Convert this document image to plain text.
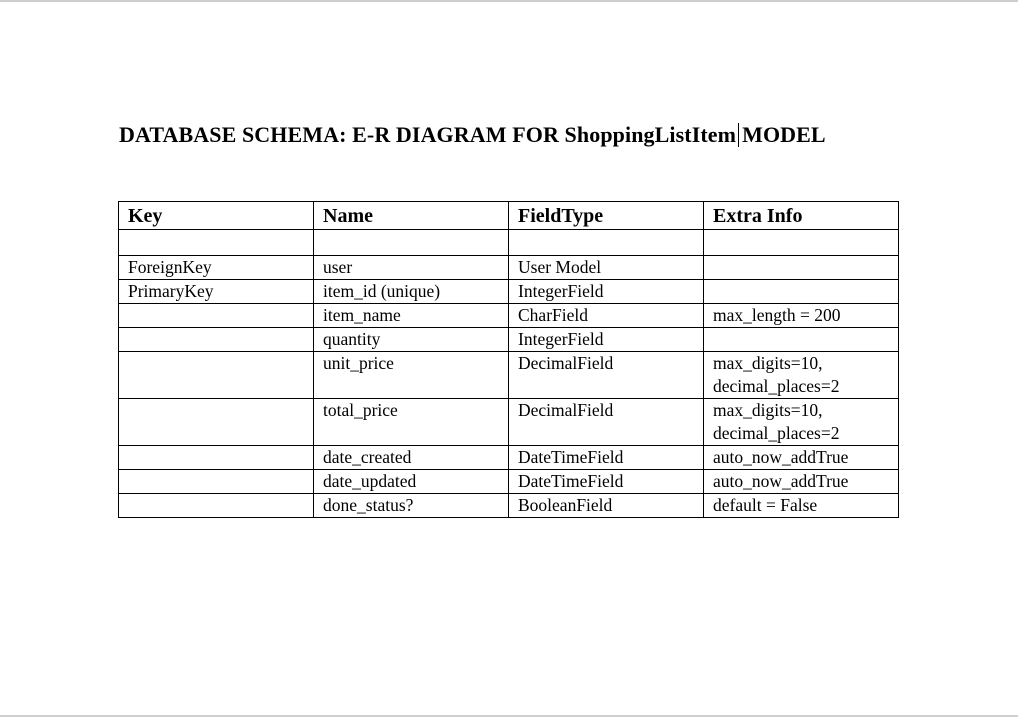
DATABASE SCHEMA: E-R DIAGRAM FOR ShoppingListItem MODEL
Key	Name	FieldType	Extra Info

ForeignKey	user	User Model	
PrimaryKey	item_id (unique)	IntegerField	
	item_name	CharField	max_length = 200
	quantity	IntegerField	
	unit_price	DecimalField	max_digits=10, decimal_places=2
	total_price	DecimalField	max_digits=10, decimal_places=2
	date_created	DateTimeField	auto_now_addTrue
	date_updated	DateTimeField	auto_now_addTrue
	done_status?	BooleanField	default = False
